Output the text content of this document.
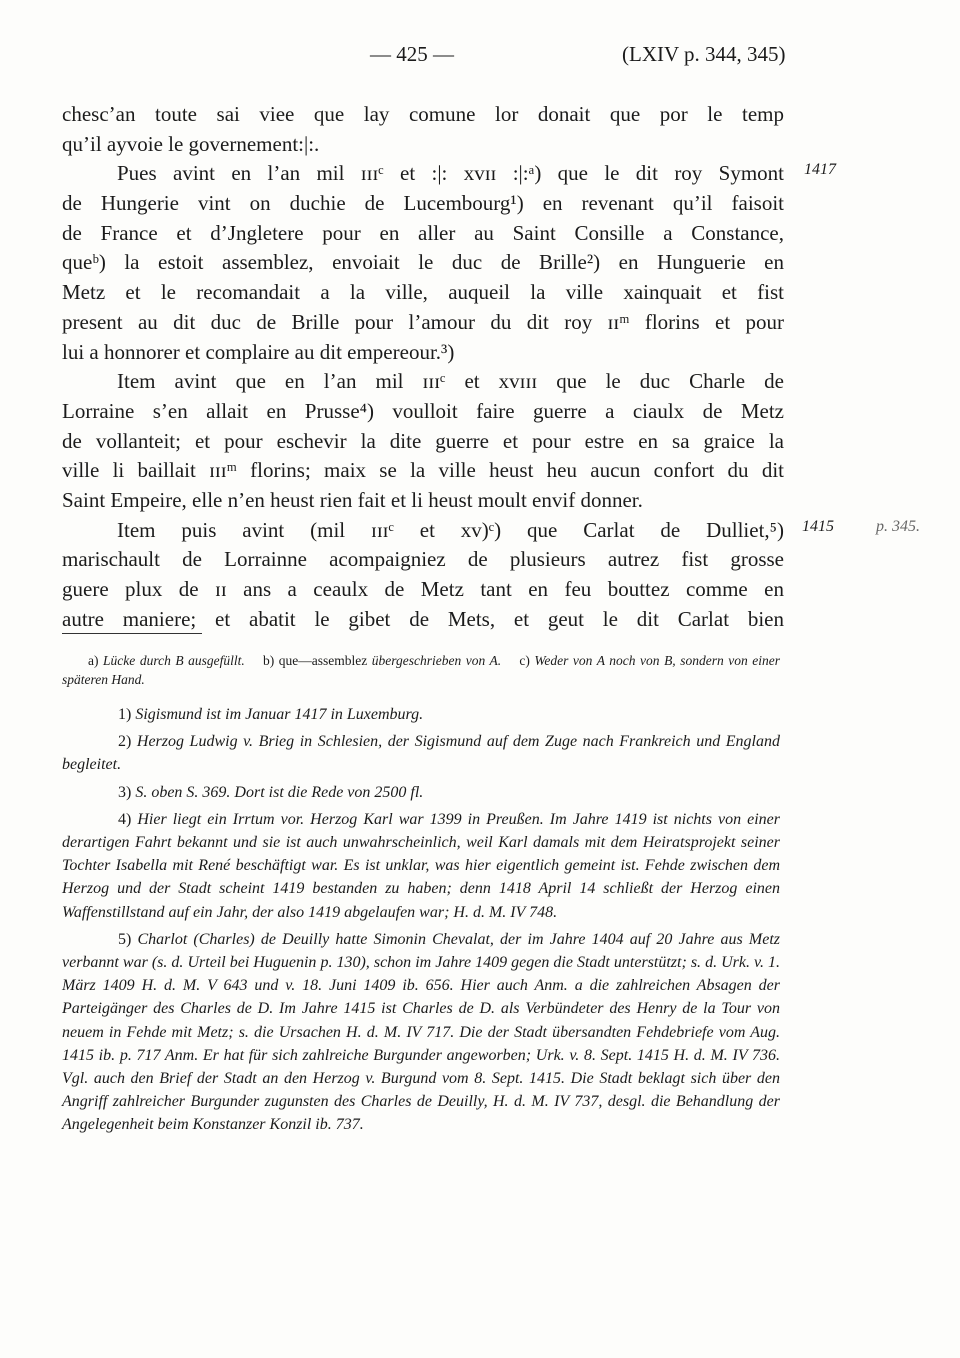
— 425 —	(LXIV p. 344, 345)
chesc’an toute sai viee que lay comune lor donait que por le temp
qu’il ayvoie le governement:|:.
Pues avint en l’an mil ɪɪɪᶜ et :|: xᴠɪɪ :|:ᵃ) que le dit roy Symont
de Hungerie vint on duchie de Lucembourg¹) en revenant qu’il faisoit
de France et d’Jngletere pour en aller au Saint Consille a Constance,
queᵇ) la estoit assemblez, envoiait le duc de Brille²) en Hunguerie en
Metz et le recomandait a la ville, auqueil la ville xainquait et fist
present au dit duc de Brille pour l’amour du dit roy ɪɪᵐ florins et pour
lui a honnorer et complaire au dit empereour.³)
Item avint que en l’an mil ɪɪɪᶜ et xᴠɪɪɪ que le duc Charle de
Lorraine s’en allait en Prusse⁴) voulloit faire guerre a ciaulx de Metz
de vollanteit; et pour eschevir la dite guerre et pour estre en sa graice la
ville li baillait ɪɪɪᵐ florins; maix se la ville heust heu aucun confort du dit
Saint Empeire, elle n’en heust rien fait et li heust moult envif donner.
Item puis avint (mil ɪɪɪᶜ et xv)ᶜ) que Carlat de Dulliet,⁵)
marischault de Lorrainne acompaigniez de plusieurs autrez fist grosse
guere plux de ɪɪ ans a ceaulx de Metz tant en feu bouttez comme en
autre maniere; et abatit le gibet de Mets, et geut le dit Carlat bien
1417
1415	p. 345.

a) Lücke durch B ausgefüllt. b) que—assemblez übergeschrieben von A. c) Weder von A noch von B, sondern von einer späteren Hand.

1) Sigismund ist im Januar 1417 in Luxemburg.

2) Herzog Ludwig v. Brieg in Schlesien, der Sigismund auf dem Zuge nach Frankreich und England begleitet.

3) S. oben S. 369. Dort ist die Rede von 2500 fl.

4) Hier liegt ein Irrtum vor. Herzog Karl war 1399 in Preußen. Im Jahre 1419 ist nichts von einer derartigen Fahrt bekannt und sie ist auch unwahrscheinlich, weil Karl damals mit dem Heiratsprojekt seiner Tochter Isabella mit René beschäftigt war. Es ist unklar, was hier eigentlich gemeint ist. Fehde zwischen dem Herzog und der Stadt scheint 1419 bestanden zu haben; denn 1418 April 14 schließt der Herzog einen Waffenstillstand auf ein Jahr, der also 1419 abgelaufen war; H. d. M. IV 748.

5) Charlot (Charles) de Deuilly hatte Simonin Chevalat, der im Jahre 1404 auf 20 Jahre aus Metz verbannt war (s. d. Urteil bei Huguenin p. 130), schon im Jahre 1409 gegen die Stadt unterstützt; s. d. Urk. v. 1. März 1409 H. d. M. V 643 und v. 18. Juni 1409 ib. 656. Hier auch Anm. a die zahlreichen Absagen der Parteigänger des Charles de D. Im Jahre 1415 ist Charles de D. als Verbündeter des Henry de la Tour von neuem in Fehde mit Metz; s. die Ursachen H. d. M. IV 717. Die der Stadt übersandten Fehdebriefe vom Aug. 1415 ib. p. 717 Anm. Er hat für sich zahlreiche Burgunder angeworben; Urk. v. 8. Sept. 1415 H. d. M. IV 736. Vgl. auch den Brief der Stadt an den Herzog v. Burgund vom 8. Sept. 1415. Die Stadt beklagt sich über den Angriff zahlreicher Burgunder zugunsten des Charles de Deuilly, H. d. M. IV 737, desgl. die Behandlung der Angelegenheit beim Konstanzer Konzil ib. 737.
